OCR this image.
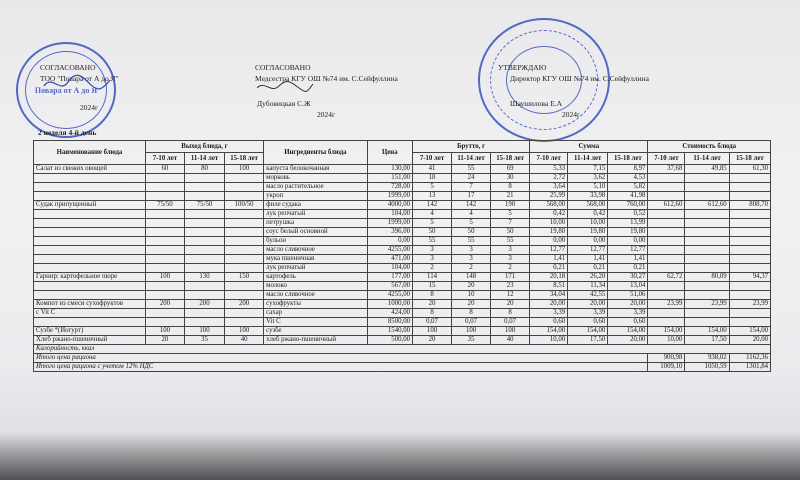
СОГЛАСОВАНО
ТОО "Повара от А до Я"
2024г
Повара от А до Я
СОГЛАСОВАНО
Медсестра КГУ ОШ №74 им. С.Сейфуллина
Дубовицкая С.Ж
2024г
УТВЕРЖДАЮ
Директор КГУ ОШ №74 им. С.Сейфуллина
Шаушилова Е.А
2024г
2 неделя 4-й день
Наименование блюда	Выход блюда, г			Ингредиенты блюда	Цена	Брутто, г			Сумма			Стоимость блюда		
	7-10 лет	11-14 лет	15-18 лет			7-10 лет	11-14 лет	15-18 лет	7-10 лет	11-14 лет	15-18 лет	7-10 лет	11-14 лет	15-18 лет
Салат из свежих овощей	60	80	100	капуста белокочанная	130,00	41	55	69	5,33	7,15	8,97	37,68	49,85	61,30
				морковь	151,00	18	24	30	2,72	3,62	4,53			
				масло растительное	728,00	5	7	8	3,64	5,10	5,82			
				укроп	1999,00	13	17	21	25,99	33,98	41,98			
Судак припущенный	75/50	75/50	100/50	филе судака	4000,00	142	142	190	568,00	568,00	760,00	612,60	612,60	808,70
				лук репчатый	104,00	4	4	5	0,42	0,42	0,52			
				петрушка	1999,00	5	5	7	10,00	10,00	13,99			
				соус белый основной	396,00	50	50	50	19,80	19,80	19,80			
				бульон	0,00	55	55	55	0,00	0,00	0,00			
				масло сливочное	4255,00	3	3	3	12,77	12,77	12,77			
				мука пшеничная	471,00	3	3	3	1,41	1,41	1,41			
				лук репчатый	104,00	2	2	2	0,21	0,21	0,21			
Гарнир: картофельное пюре	100	130	150	картофель	177,00	114	148	171	20,18	26,20	30,27	62,72	80,09	94,37
				молоко	567,00	15	20	23	8,51	11,34	13,04			
				масло сливочное	4255,00	8	10	12	34,04	42,55	51,06			
Компот из смеси сухофруктов	200	200	200	сухофрукты	1000,00	20	20	20	20,00	20,00	20,00	23,99	23,99	23,99
с Vit С				сахар	424,00	8	8	8	3,39	3,39	3,39			
				Vit C	8500,00	0,07	0,07	0,07	0,60	0,60	0,60			
Сузбе *(Йогурт)	100	100	100	сузбе	1540,00	100	100	100	154,00	154,00	154,00	154,00	154,00	154,00
Хлеб ржано-пшеничный	20	35	40	хлеб ржано-пшеничный	500,00	20	35	40	10,00	17,50	20,00	10,00	17,50	20,00
Калорийность, ккал														
Итого цена рациона												900,98	938,02	1162,36
Итого цена рациона с учетом 12% НДС												1009,10	1050,59	1301,84
